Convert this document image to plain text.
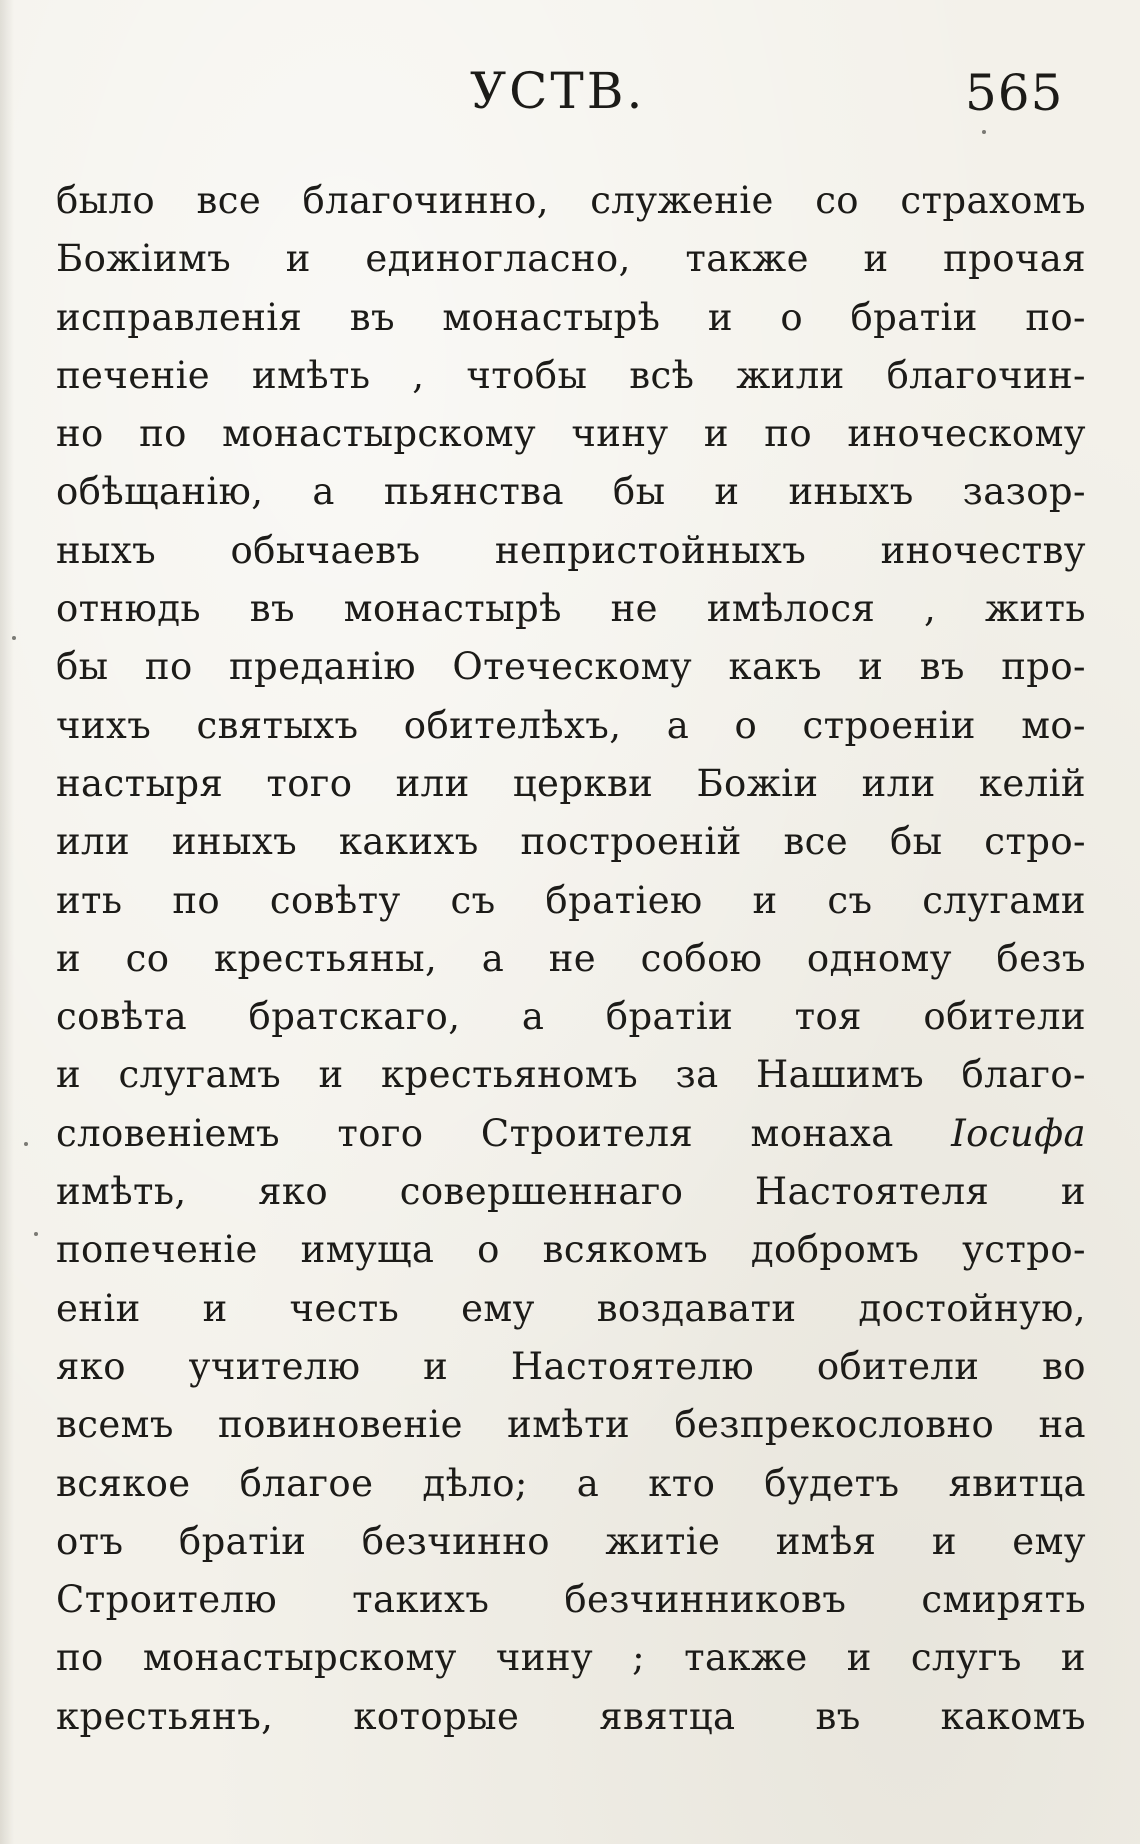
УСТВ.	565
было все благочинно, служеніе со страхомъ
Божіимъ и единогласно, также и прочая
исправленія въ монастырѣ и о братіи по-
печеніе имѣть , чтобы всѣ жили благочин-
но по монастырскому чину и по иноческому
обѣщанію, а пьянства бы и иныхъ зазор-
ныхъ обычаевъ непристойныхъ иночеству
отнюдь въ монастырѣ не имѣлося , жить
бы по преданію Отеческому какъ и въ про-
чихъ святыхъ обителѣхъ, а о строеніи мо-
настыря того или церкви Божіи или келій
или иныхъ какихъ построеній все бы стро-
ить по совѣту съ братіею и съ слугами
и со крестьяны, а не собою одному безъ
совѣта братскаго, а братіи тоя обители
и слугамъ и крестьяномъ за Нашимъ благо-
словеніемъ того Строителя монаха Іосифа
имѣть, яко совершеннаго Настоятеля и
попеченіе имуща о всякомъ добромъ устро-
еніи и честь ему воздавати достойную,
яко учителю и Настоятелю обители во
всемъ повиновеніе имѣти безпрекословно на
всякое благое дѣло; а кто будетъ явитца
отъ братіи безчинно житіе имѣя и ему
Строителю такихъ безчинниковъ смирять
по монастырскому чину ; также и слугъ и
крестьянъ, которые явятца въ какомъ
